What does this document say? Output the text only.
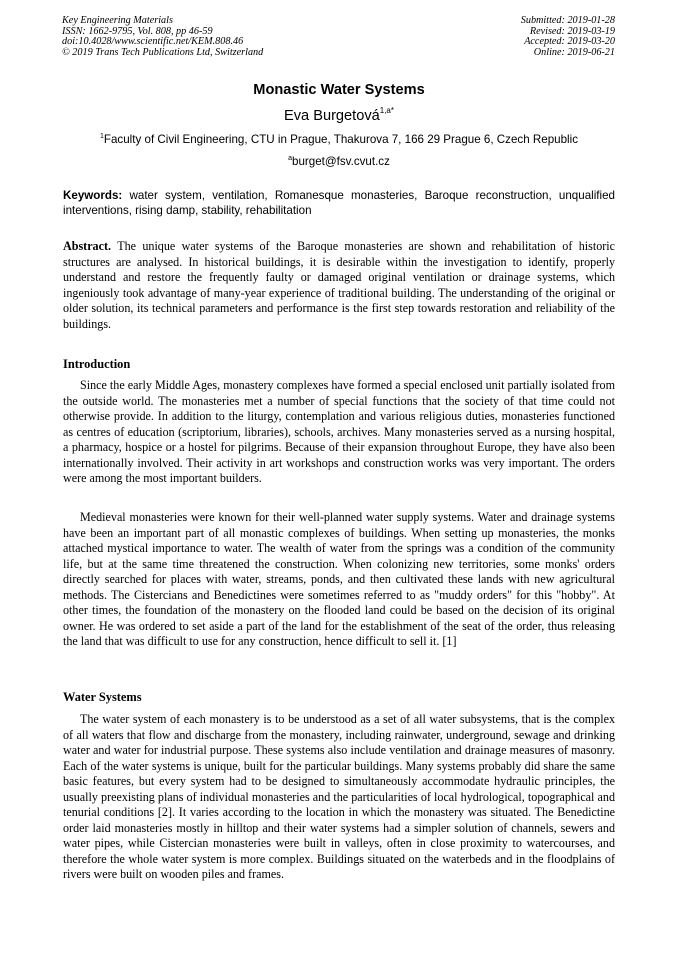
Key Engineering Materials
ISSN: 1662-9795, Vol. 808, pp 46-59
doi:10.4028/www.scientific.net/KEM.808.46
© 2019 Trans Tech Publications Ltd, Switzerland
Submitted: 2019-01-28
Revised: 2019-03-19
Accepted: 2019-03-20
Online: 2019-06-21
Monastic Water Systems
Eva Burgetová$^{1,a*}$
$^1$Faculty of Civil Engineering, CTU in Prague, Thakurova 7, 166 29 Prague 6, Czech Republic
$^a$burget@fsv.cvut.cz
Keywords: water system, ventilation, Romanesque monasteries, Baroque reconstruction, unqualified interventions, rising damp, stability, rehabilitation
Abstract. The unique water systems of the Baroque monasteries are shown and rehabilitation of historic structures are analysed. In historical buildings, it is desirable within the investigation to identify, properly understand and restore the frequently faulty or damaged original ventilation or drainage systems, which ingeniously took advantage of many-year experience of traditional building. The understanding of the original or older solution, its technical parameters and performance is the first step towards restoration and reliability of the buildings.
Introduction
Since the early Middle Ages, monastery complexes have formed a special enclosed unit partially isolated from the outside world. The monasteries met a number of special functions that the society of that time could not otherwise provide. In addition to the liturgy, contemplation and various religious duties, monasteries functioned as centres of education (scriptorium, libraries), schools, archives. Many monasteries served as a nursing hospital, a pharmacy, hospice or a hostel for pilgrims. Because of their expansion throughout Europe, they have also been internationally involved. Their activity in art workshops and construction works was very important. The orders were among the most important builders.
Medieval monasteries were known for their well-planned water supply systems. Water and drainage systems have been an important part of all monastic complexes of buildings. When setting up monasteries, the monks attached mystical importance to water. The wealth of water from the springs was a condition of the community life, but at the same time threatened the construction. When colonizing new territories, some monks' orders directly searched for places with water, streams, ponds, and then cultivated these lands with new agricultural methods. The Cistercians and Benedictines were sometimes referred to as "muddy orders" for this "hobby". At other times, the foundation of the monastery on the flooded land could be based on the decision of its original owner. He was ordered to set aside a part of the land for the establishment of the seat of the order, thus releasing the land that was difficult to use for any construction, hence difficult to sell it. [1]
Water Systems
The water system of each monastery is to be understood as a set of all water subsystems, that is the complex of all waters that flow and discharge from the monastery, including rainwater, underground, sewage and drinking water and water for industrial purpose. These systems also include ventilation and drainage measures of masonry. Each of the water systems is unique, built for the particular buildings. Many systems probably did share the same basic features, but every system had to be designed to simultaneously accommodate hydraulic principles, the usually preexisting plans of individual monasteries and the particularities of local hydrological, topographical and tenurial conditions [2]. It varies according to the location in which the monastery was situated. The Benedictine order laid monasteries mostly in hilltop and their water systems had a simpler solution of channels, sewers and water pipes, while Cistercian monasteries were built in valleys, often in close proximity to watercourses, and therefore the whole water system is more complex. Buildings situated on the waterbeds and in the floodplains of rivers were built on wooden piles and frames.
